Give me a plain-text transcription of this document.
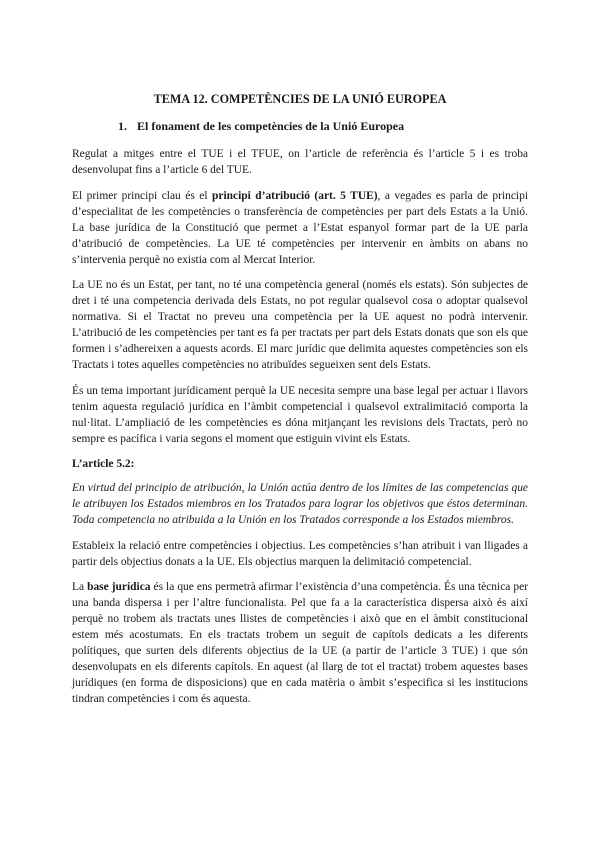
TEMA 12. COMPETÈNCIES DE LA UNIÓ EUROPEA
1. El fonament de les competències de la Unió Europea

Regulat a mitges entre el TUE i el TFUE, on l’article de referència és l’article 5 i es troba desenvolupat fins a l’article 6 del TUE.

El primer principi clau és el principi d’atribució (art. 5 TUE), a vegades es parla de principi d’especialitat de les competències o transferència de competències per part dels Estats a la Unió. La base jurídica de la Constitució que permet a l’Estat espanyol formar part de la UE parla d’atribució de competències. La UE té competències per intervenir en àmbits on abans no s’intervenia perquè no existia com al Mercat Interior.

La UE no és un Estat, per tant, no té una competència general (només els estats). Són subjectes de dret i té una competencia derivada dels Estats, no pot regular qualsevol cosa o adoptar qualsevol normativa. Si el Tractat no preveu una competència per la UE aquest no podrà intervenir. L’atribució de les competències per tant es fa per tractats per part dels Estats donats que son els que formen i s’adhereixen a aquests acords. El marc jurídic que delimita aquestes competències son els Tractats i totes aquelles competències no atribuïdes segueixen sent dels Estats.

És un tema important jurídicament perquè la UE necesita sempre una base legal per actuar i llavors tenim aquesta regulació jurídica en l’àmbit competencial i qualsevol extralimitació comporta la nul·litat. L’ampliació de les competències es dóna mitjançant les revisions dels Tractats, però no sempre es pacífica i varia segons el moment que estiguin vivint els Estats.

L’article 5.2:

En virtud del principio de atribución, la Unión actúa dentro de los límites de las competencias que le atribuyen los Estados miembros en los Tratados para lograr los objetivos que éstos determinan. Toda competencia no atribuida a la Unión en los Tratados corresponde a los Estados miembros.

Estableix la relació entre competències i objectius. Les competències s’han atribuit i van lligades a partir dels objectius donats a la UE. Els objectius marquen la delimitació competencial.

La base jurídica és la que ens permetrà afirmar l’existència d’una competència. És una tècnica per una banda dispersa i per l’altre funcionalista. Pel que fa a la característica dispersa això és així perquè no trobem als tractats unes llistes de competències i això que en el àmbit constitucional estem més acostumats. En els tractats trobem un seguit de capítols dedicats a les diferents polítiques, que surten dels diferents objectius de la UE (a partir de l’article 3 TUE) i que són desenvolupats en els diferents capítols. En aquest (al llarg de tot el tractat) trobem aquestes bases jurídiques (en forma de disposicions) que en cada matèria o àmbit s’especifica si les institucions tindran competències i com és aquesta.
